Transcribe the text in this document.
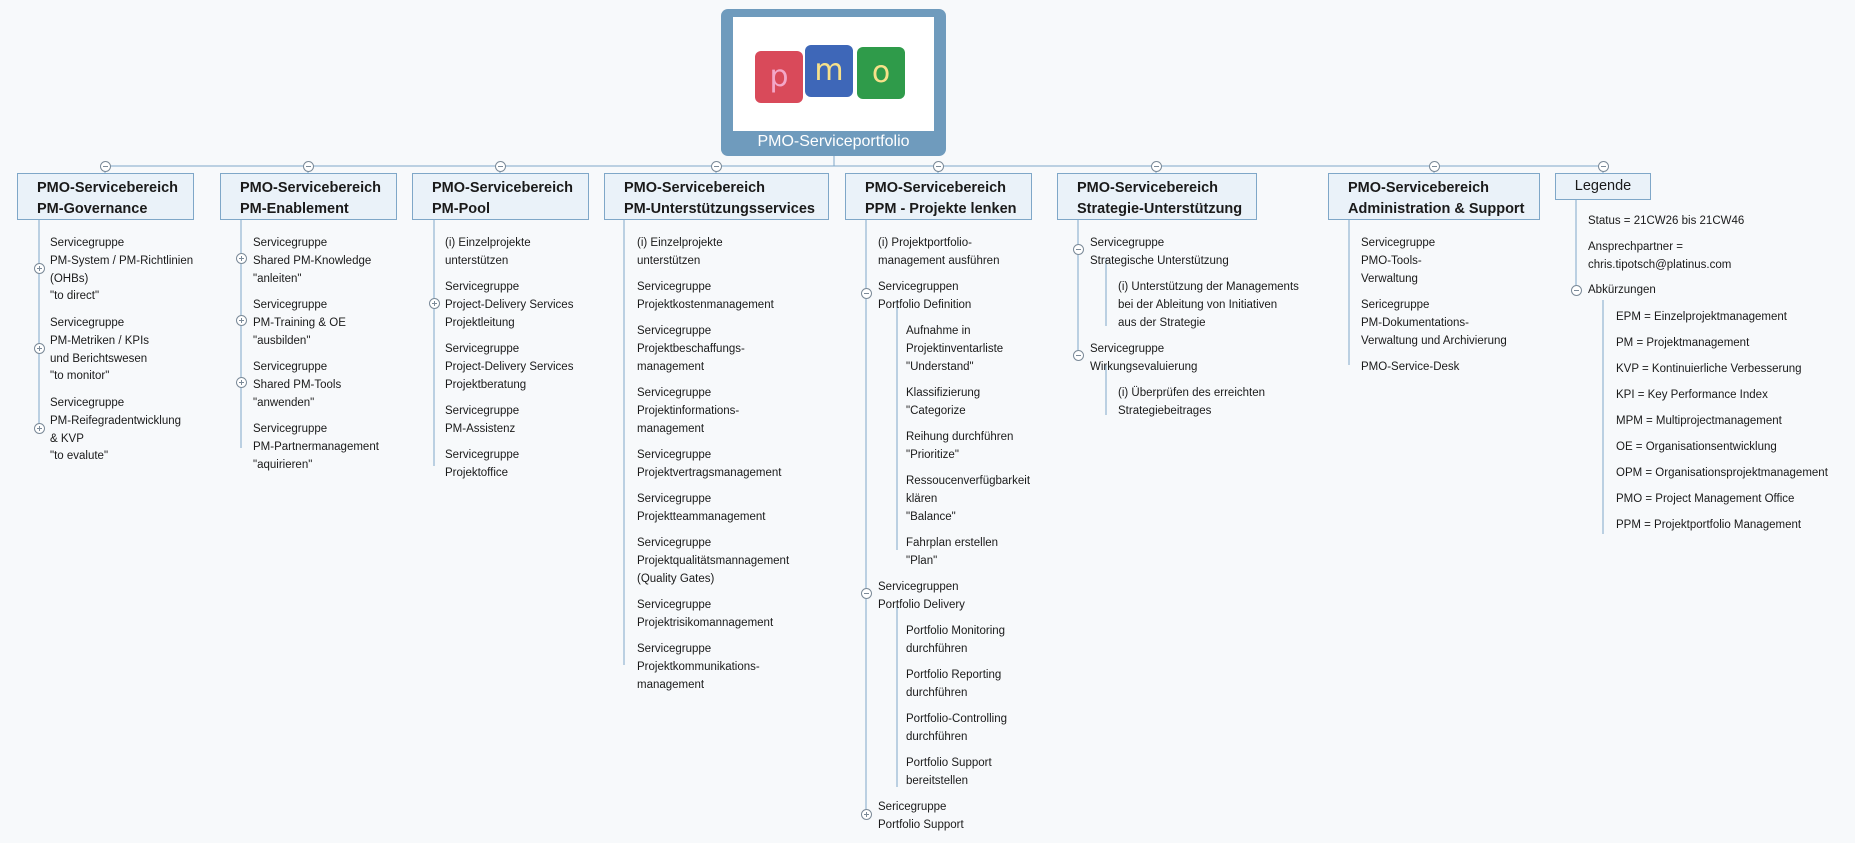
p m o
PMO-Serviceportfolio
PMO-Servicebereich
PM-Governance
PMO-Servicebereich
PM-Enablement
PMO-Servicebereich
PM-Pool
PMO-Servicebereich
PM-Unterstützungsservices
PMO-Servicebereich
PPM - Projekte lenken
PMO-Servicebereich
Strategie-Unterstützung
PMO-Servicebereich
Administration & Support
Legende
Servicegruppe
PM-System / PM-Richtlinien
(OHBs)
"to direct"
Servicegruppe
PM-Metriken / KPIs
und Berichtswesen
"to monitor"
Servicegruppe
PM-Reifegradentwicklung
& KVP
"to evalute"
Servicegruppe
Shared PM-Knowledge
"anleiten"
Servicegruppe
PM-Training & OE
"ausbilden"
Servicegruppe
Shared PM-Tools
"anwenden"
Servicegruppe
PM-Partnermanagement
"aquirieren"
(i) Einzelprojekte
unterstützen
Servicegruppe
Project-Delivery Services
Projektleitung
Servicegruppe
Project-Delivery Services
Projektberatung
Servicegruppe
PM-Assistenz
Servicegruppe
Projektoffice
(i) Einzelprojekte
unterstützen
Servicegruppe
Projektkostenmanagement
Servicegruppe
Projektbeschaffungs-
management
Servicegruppe
Projektinformations-
management
Servicegruppe
Projektvertragsmanagement
Servicegruppe
Projektteammanagement
Servicegruppe
Projektqualitätsmannagement
(Quality Gates)
Servicegruppe
Projektrisikomannagement
Servicegruppe
Projektkommunikations-
management
(i) Projektportfolio-
management ausführen
Servicegruppen
Portfolio Definition
Aufnahme in
Projektinventarliste
"Understand"
Klassifizierung
"Categorize
Reihung durchführen
"Prioritize"
Ressoucenverfügbarkeit
klären
"Balance"
Fahrplan erstellen
"Plan"
Servicegruppen
Portfolio Delivery
Portfolio Monitoring
durchführen
Portfolio Reporting
durchführen
Portfolio-Controlling
durchführen
Portfolio Support
bereitstellen
Sericegruppe
Portfolio Support
Servicegruppe
Strategische Unterstützung
(i) Unterstützung der Managements
bei der Ableitung von Initiativen
aus der Strategie
Servicegruppe
Wirkungsevaluierung
(i) Überprüfen des erreichten
Strategiebeitrages
Servicegruppe
PMO-Tools-
Verwaltung
Sericegruppe
PM-Dokumentations-
Verwaltung und Archivierung
PMO-Service-Desk
Status = 21CW26 bis 21CW46
Ansprechpartner =
chris.tipotsch@platinus.com
Abkürzungen
EPM = Einzelprojektmanagement
PM = Projektmanagement
KVP = Kontinuierliche Verbesserung
KPI = Key Performance Index
MPM = Multiprojectmanagement
OE = Organisationsentwicklung
OPM = Organisationsprojektmanagement
PMO = Project Management Office
PPM = Projektportfolio Management
